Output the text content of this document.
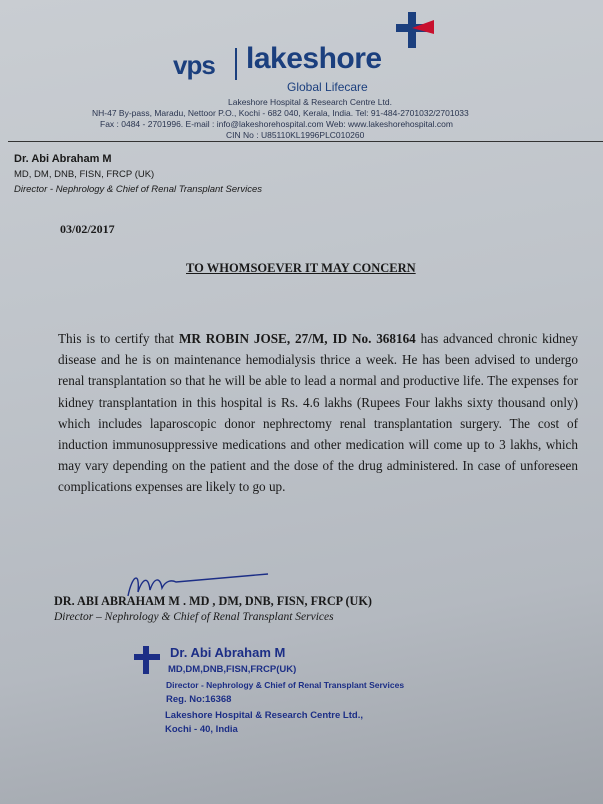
vps lakeshore
Global Lifecare
Lakeshore Hospital & Research Centre Ltd.
NH-47 By-pass, Maradu, Nettoor P.O., Kochi - 682 040, Kerala, India. Tel: 91-484-2701032/2701033
Fax : 0484 - 2701996. E-mail : info@lakeshorehospital.com Web: www.lakeshorehospital.com
CIN No : U85110KL1996PLC010260
Dr. Abi Abraham M
MD, DM, DNB, FISN, FRCP (UK)
Director - Nephrology & Chief of Renal Transplant Services
03/02/2017
TO WHOMSOEVER IT MAY CONCERN
This is to certify that MR ROBIN JOSE, 27/M, ID No. 368164 has advanced chronic kidney disease and he is on maintenance hemodialysis thrice a week. He has been advised to undergo renal transplantation so that he will be able to lead a normal and productive life. The expenses for kidney transplantation in this hospital is Rs. 4.6 lakhs (Rupees Four lakhs sixty thousand only) which includes laparoscopic donor nephrectomy renal transplantation surgery. The cost of induction immunosuppressive medications and other medication will come up to 3 lakhs, which may vary depending on the patient and the dose of the drug administered. In case of unforeseen complications expenses are likely to go up.
DR. ABI ABRAHAM M . MD , DM, DNB, FISN, FRCP (UK)
Director – Nephrology & Chief of Renal Transplant Services
Dr. Abi Abraham M
MD,DM,DNB,FISN,FRCP(UK)
Director - Nephrology & Chief of Renal Transplant Services
Reg. No:16368
Lakeshore Hospital & Research Centre Ltd.,
Kochi - 40, India
